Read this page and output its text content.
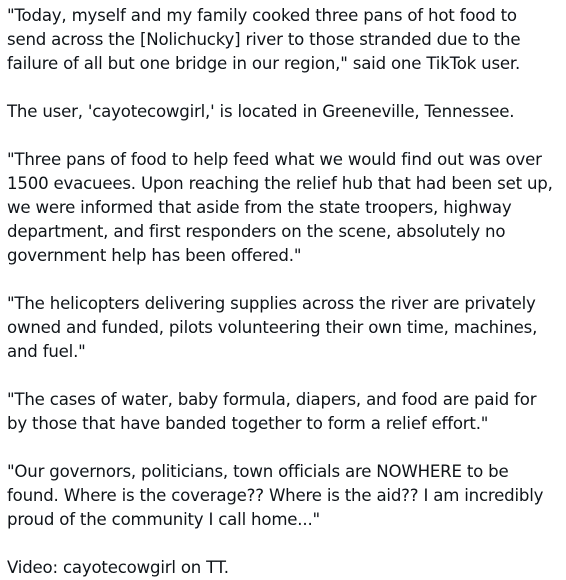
"Today, myself and my family cooked three pans of hot food to send across the [Nolichucky] river to those stranded due to the failure of all but one bridge in our region," said one TikTok user.

The user, 'cayotecowgirl,' is located in Greeneville, Tennessee.

"Three pans of food to help feed what we would find out was over 1500 evacuees. Upon reaching the relief hub that had been set up, we were informed that aside from the state troopers, highway department, and first responders on the scene, absolutely no government help has been offered."

"The helicopters delivering supplies across the river are privately owned and funded, pilots volunteering their own time, machines, and fuel."

"The cases of water, baby formula, diapers, and food are paid for by those that have banded together to form a relief effort."

"Our governors, politicians, town officials are NOWHERE to be found. Where is the coverage?? Where is the aid?? I am incredibly proud of the community I call home..."

Video: cayotecowgirl on TT.
